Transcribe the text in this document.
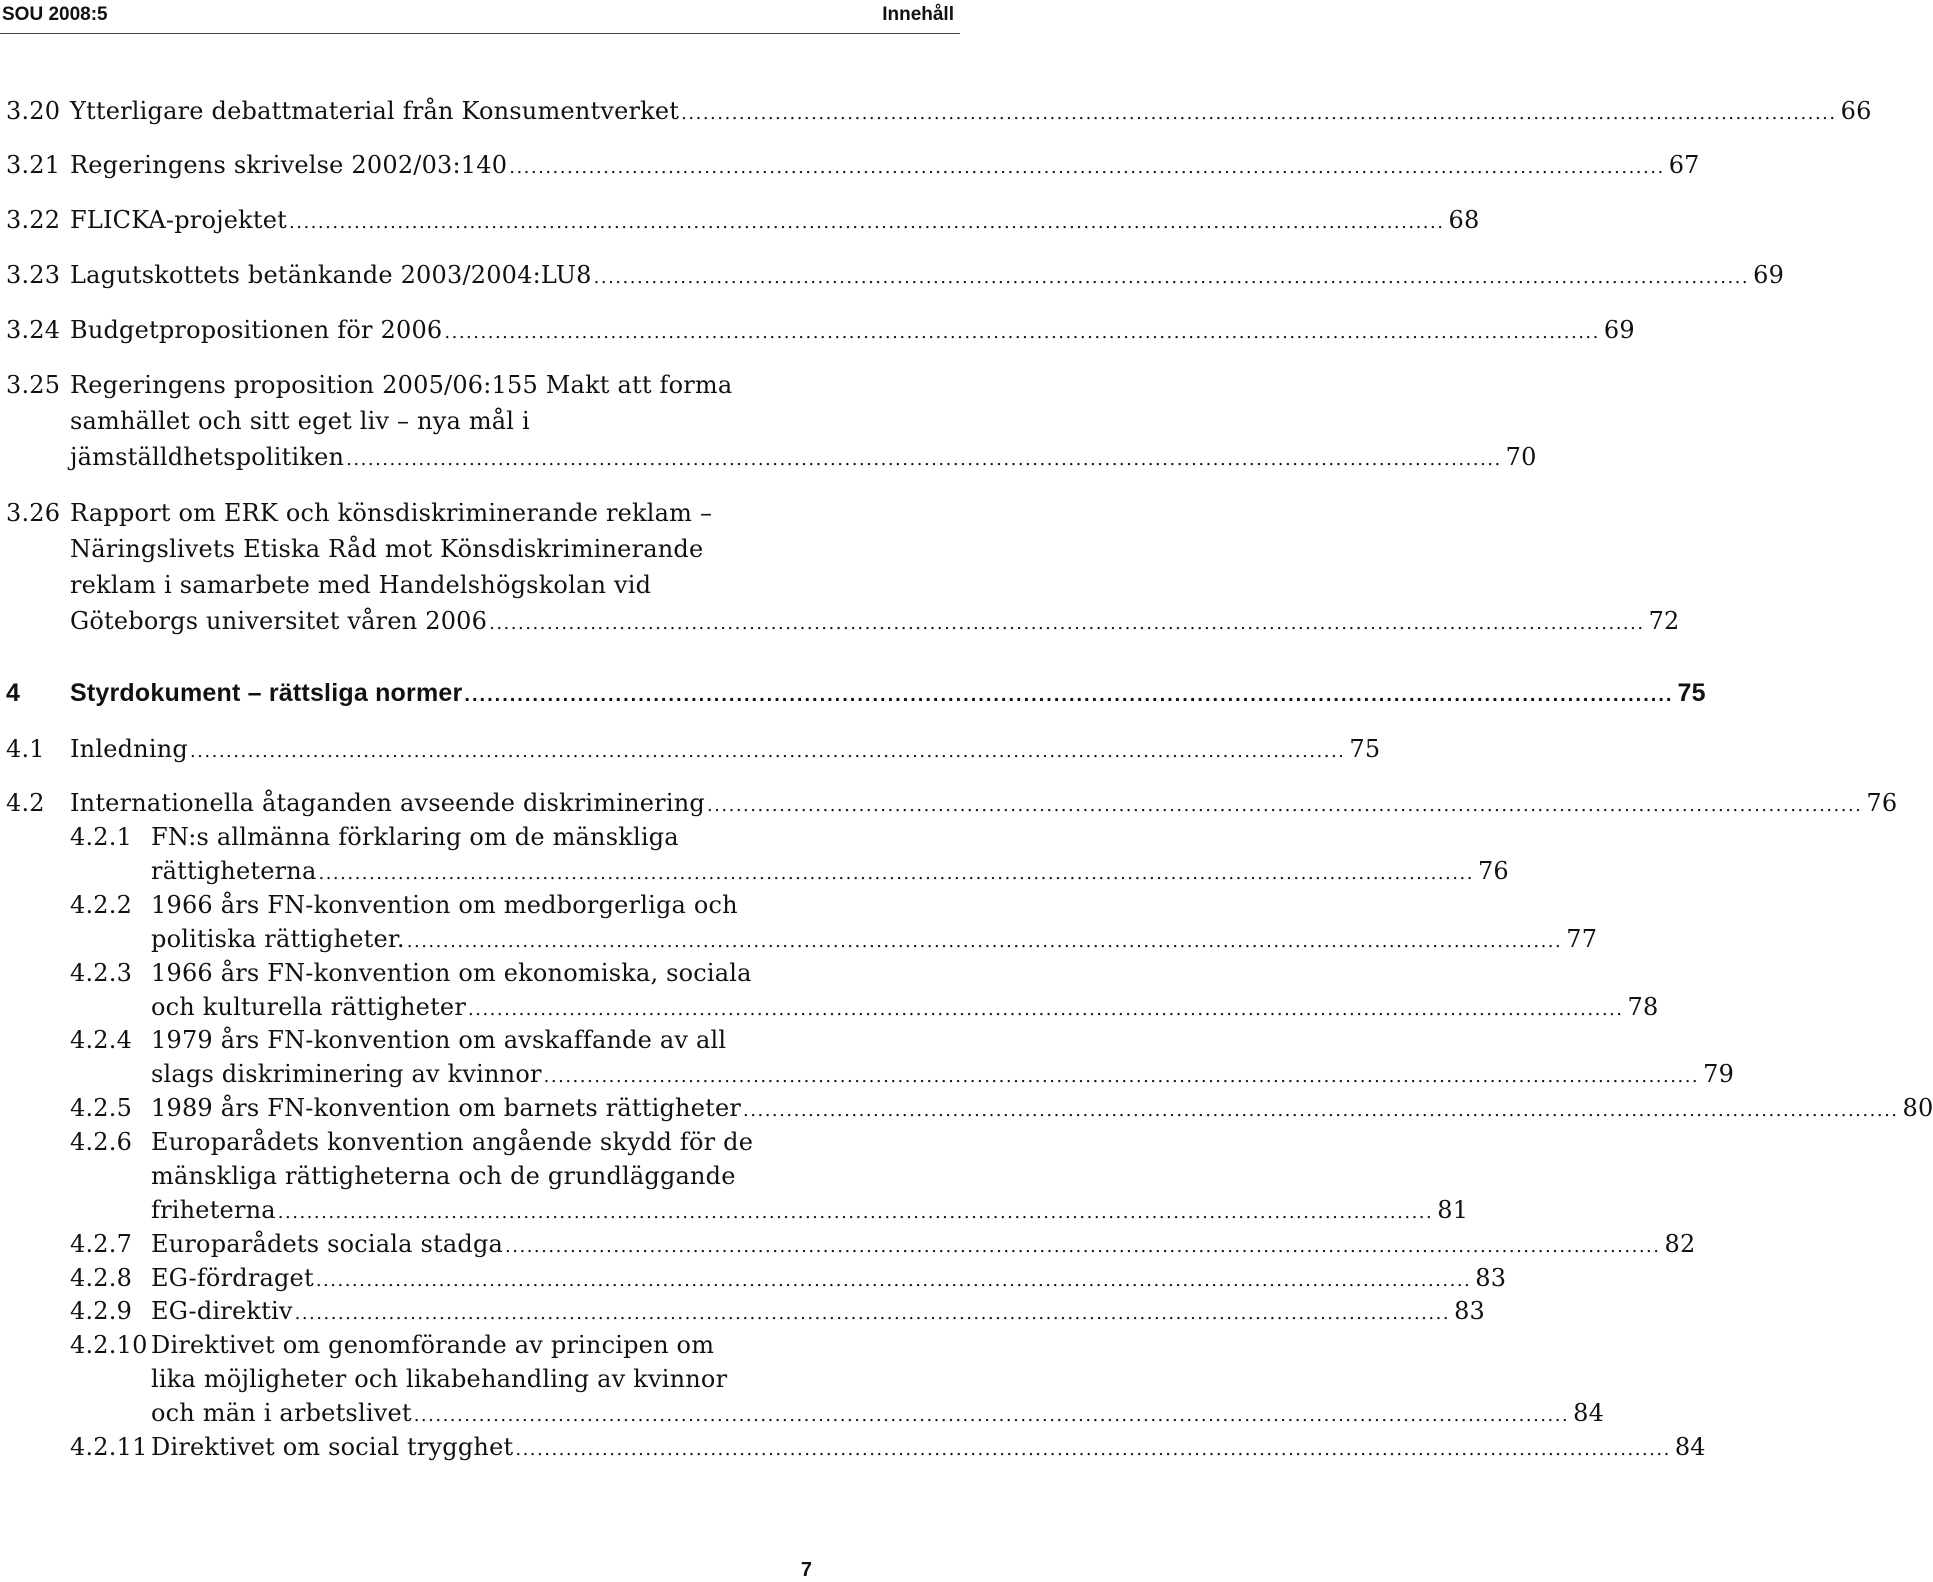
SOU 2008:5	Innehåll
3.20 Ytterligare debattmaterial från Konsumentverket ................................................................................................................................................................ 66
3.21 Regeringens skrivelse 2002/03:140 ................................................................................................................................................................ 67
3.22 FLICKA-projektet ................................................................................................................................................................ 68
3.23 Lagutskottets betänkande 2003/2004:LU8 ................................................................................................................................................................ 69
3.24 Budgetpropositionen för 2006 ................................................................................................................................................................ 69
3.25 Regeringens proposition 2005/06:155 Makt att forma
samhället och sitt eget liv – nya mål i
jämställdhetspolitiken ................................................................................................................................................................ 70
3.26 Rapport om ERK och könsdiskriminerande reklam –
Näringslivets Etiska Råd mot Könsdiskriminerande
reklam i samarbete med Handelshögskolan vid
Göteborgs universitet våren 2006 ................................................................................................................................................................ 72
4 Styrdokument – rättsliga normer ................................................................................................................................................................ 75
4.1 Inledning ................................................................................................................................................................ 75
4.2 Internationella åtaganden avseende diskriminering ................................................................................................................................................................ 76
4.2.1 FN:s allmänna förklaring om de mänskliga
rättigheterna ................................................................................................................................................................ 76
4.2.2 1966 års FN-konvention om medborgerliga och
politiska rättigheter. ................................................................................................................................................................ 77
4.2.3 1966 års FN-konvention om ekonomiska, sociala
och kulturella rättigheter ................................................................................................................................................................ 78
4.2.4 1979 års FN-konvention om avskaffande av all
slags diskriminering av kvinnor ................................................................................................................................................................ 79
4.2.5 1989 års FN-konvention om barnets rättigheter ................................................................................................................................................................ 80
4.2.6 Europarådets konvention angående skydd för de
mänskliga rättigheterna och de grundläggande
friheterna ................................................................................................................................................................ 81
4.2.7 Europarådets sociala stadga ................................................................................................................................................................ 82
4.2.8 EG-fördraget ................................................................................................................................................................ 83
4.2.9 EG-direktiv ................................................................................................................................................................ 83
4.2.10 Direktivet om genomförande av principen om
lika möjligheter och likabehandling av kvinnor
och män i arbetslivet ................................................................................................................................................................ 84
4.2.11 Direktivet om social trygghet ................................................................................................................................................................ 84
7
